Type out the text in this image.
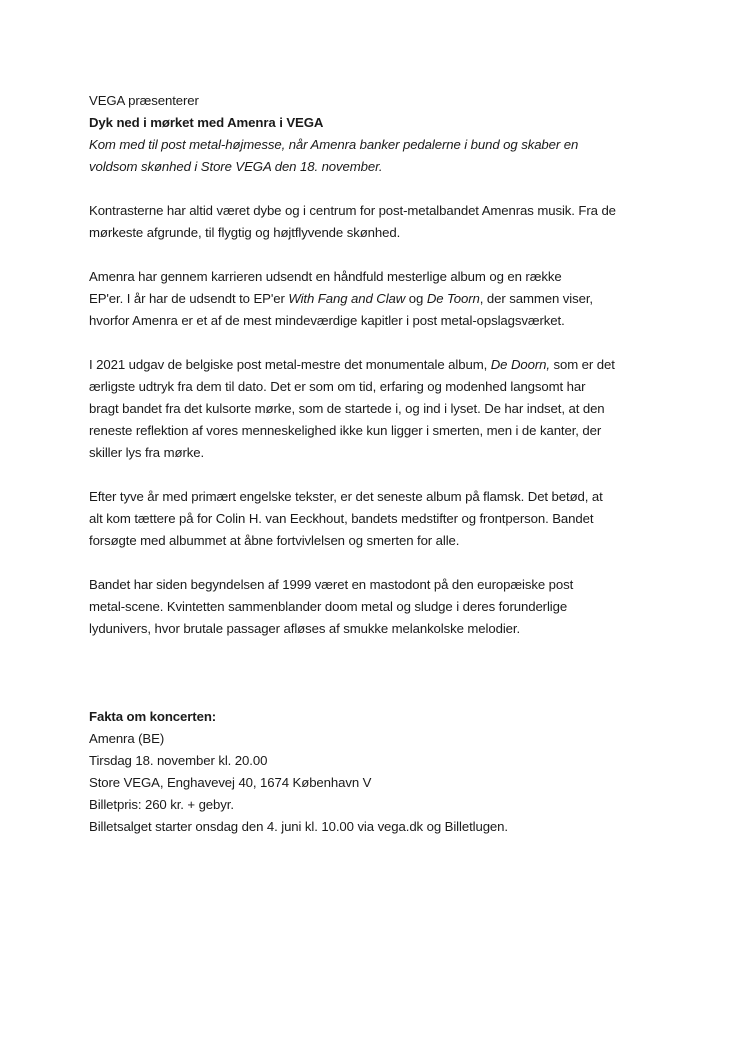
VEGA præsenterer
Dyk ned i mørket med Amenra i VEGA
Kom med til post metal-højmesse, når Amenra banker pedalerne i bund og skaber en
voldsom skønhed i Store VEGA den 18. november.

Kontrasterne har altid været dybe og i centrum for post-metalbandet Amenras musik. Fra de
mørkeste afgrunde, til flygtig og højtflyvende skønhed.

Amenra har gennem karrieren udsendt en håndfuld mesterlige album og en række
EP'er. I år har de udsendt to EP'er With Fang and Claw og De Toorn, der sammen viser,
hvorfor Amenra er et af de mest mindeværdige kapitler i post metal-opslagsværket.

I 2021 udgav de belgiske post metal-mestre det monumentale album, De Doorn, som er det
ærligste udtryk fra dem til dato. Det er som om tid, erfaring og modenhed langsomt har
bragt bandet fra det kulsorte mørke, som de startede i, og ind i lyset. De har indset, at den
reneste reflektion af vores menneskelighed ikke kun ligger i smerten, men i de kanter, der
skiller lys fra mørke.

Efter tyve år med primært engelske tekster, er det seneste album på flamsk. Det betød, at
alt kom tættere på for Colin H. van Eeckhout, bandets medstifter og frontperson. Bandet
forsøgte med albummet at åbne fortvivlelsen og smerten for alle.

Bandet har siden begyndelsen af 1999 været en mastodont på den europæiske post
metal-scene. Kvintetten sammenblander doom metal og sludge i deres forunderlige
lydunivers, hvor brutale passager afløses af smukke melankolske melodier.

Fakta om koncerten:
Amenra (BE)
Tirsdag 18. november kl. 20.00
Store VEGA, Enghavevej 40, 1674 København V
Billetpris: 260 kr. + gebyr.
Billetsalget starter onsdag den 4. juni kl. 10.00 via vega.dk og Billetlugen.
